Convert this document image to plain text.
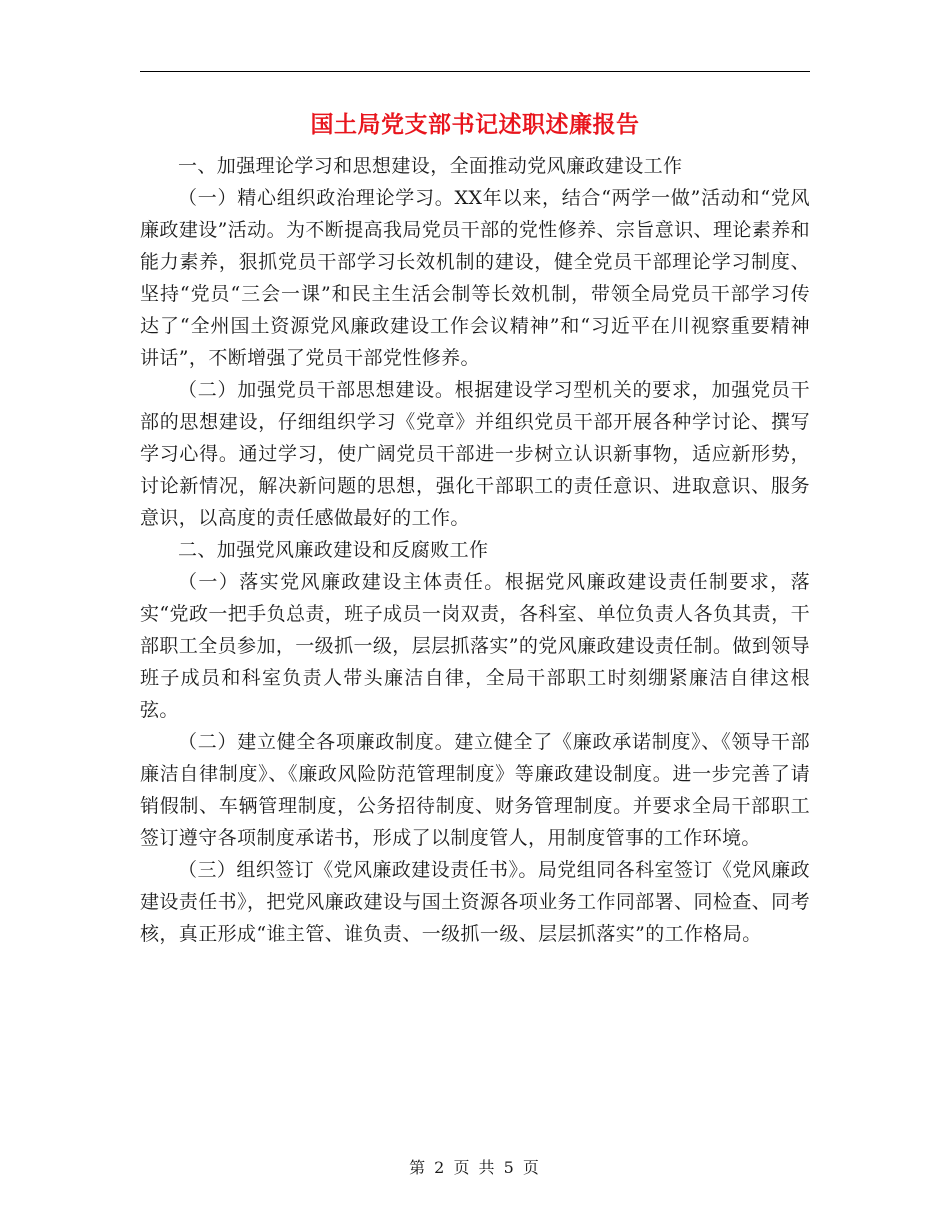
国土局党支部书记述职述廉报告

一、加强理论学习和思想建设，全面推动党风廉政建设工作

（一）精心组织政治理论学习。XX年以来，结合“两学一做”活动和“党风廉政建设”活动。为不断提高我局党员干部的党性修养、宗旨意识、理论素养和能力素养，狠抓党员干部学习长效机制的建设，健全党员干部理论学习制度、坚持“党员“三会一课”和民主生活会制等长效机制，带领全局党员干部学习传达了“全州国土资源党风廉政建设工作会议精神”和“习近平在川视察重要精神讲话”，不断增强了党员干部党性修养。

（二）加强党员干部思想建设。根据建设学习型机关的要求，加强党员干部的思想建设，仔细组织学习《党章》并组织党员干部开展各种学讨论、撰写学习心得。通过学习，使广阔党员干部进一步树立认识新事物，适应新形势，讨论新情况，解决新问题的思想，强化干部职工的责任意识、进取意识、服务意识，以高度的责任感做最好的工作。

二、加强党风廉政建设和反腐败工作

（一）落实党风廉政建设主体责任。根据党风廉政建设责任制要求，落实“党政一把手负总责，班子成员一岗双责，各科室、单位负责人各负其责，干部职工全员参加，一级抓一级，层层抓落实”的党风廉政建设责任制。做到领导班子成员和科室负责人带头廉洁自律，全局干部职工时刻绷紧廉洁自律这根弦。

（二）建立健全各项廉政制度。建立健全了《廉政承诺制度》、《领导干部廉洁自律制度》、《廉政风险防范管理制度》等廉政建设制度。进一步完善了请销假制、车辆管理制度，公务招待制度、财务管理制度。并要求全局干部职工签订遵守各项制度承诺书，形成了以制度管人，用制度管事的工作环境。

（三）组织签订《党风廉政建设责任书》。局党组同各科室签订《党风廉政建设责任书》，把党风廉政建设与国土资源各项业务工作同部署、同检查、同考核，真正形成“谁主管、谁负责、一级抓一级、层层抓落实”的工作格局。

第 2 页 共 5 页
